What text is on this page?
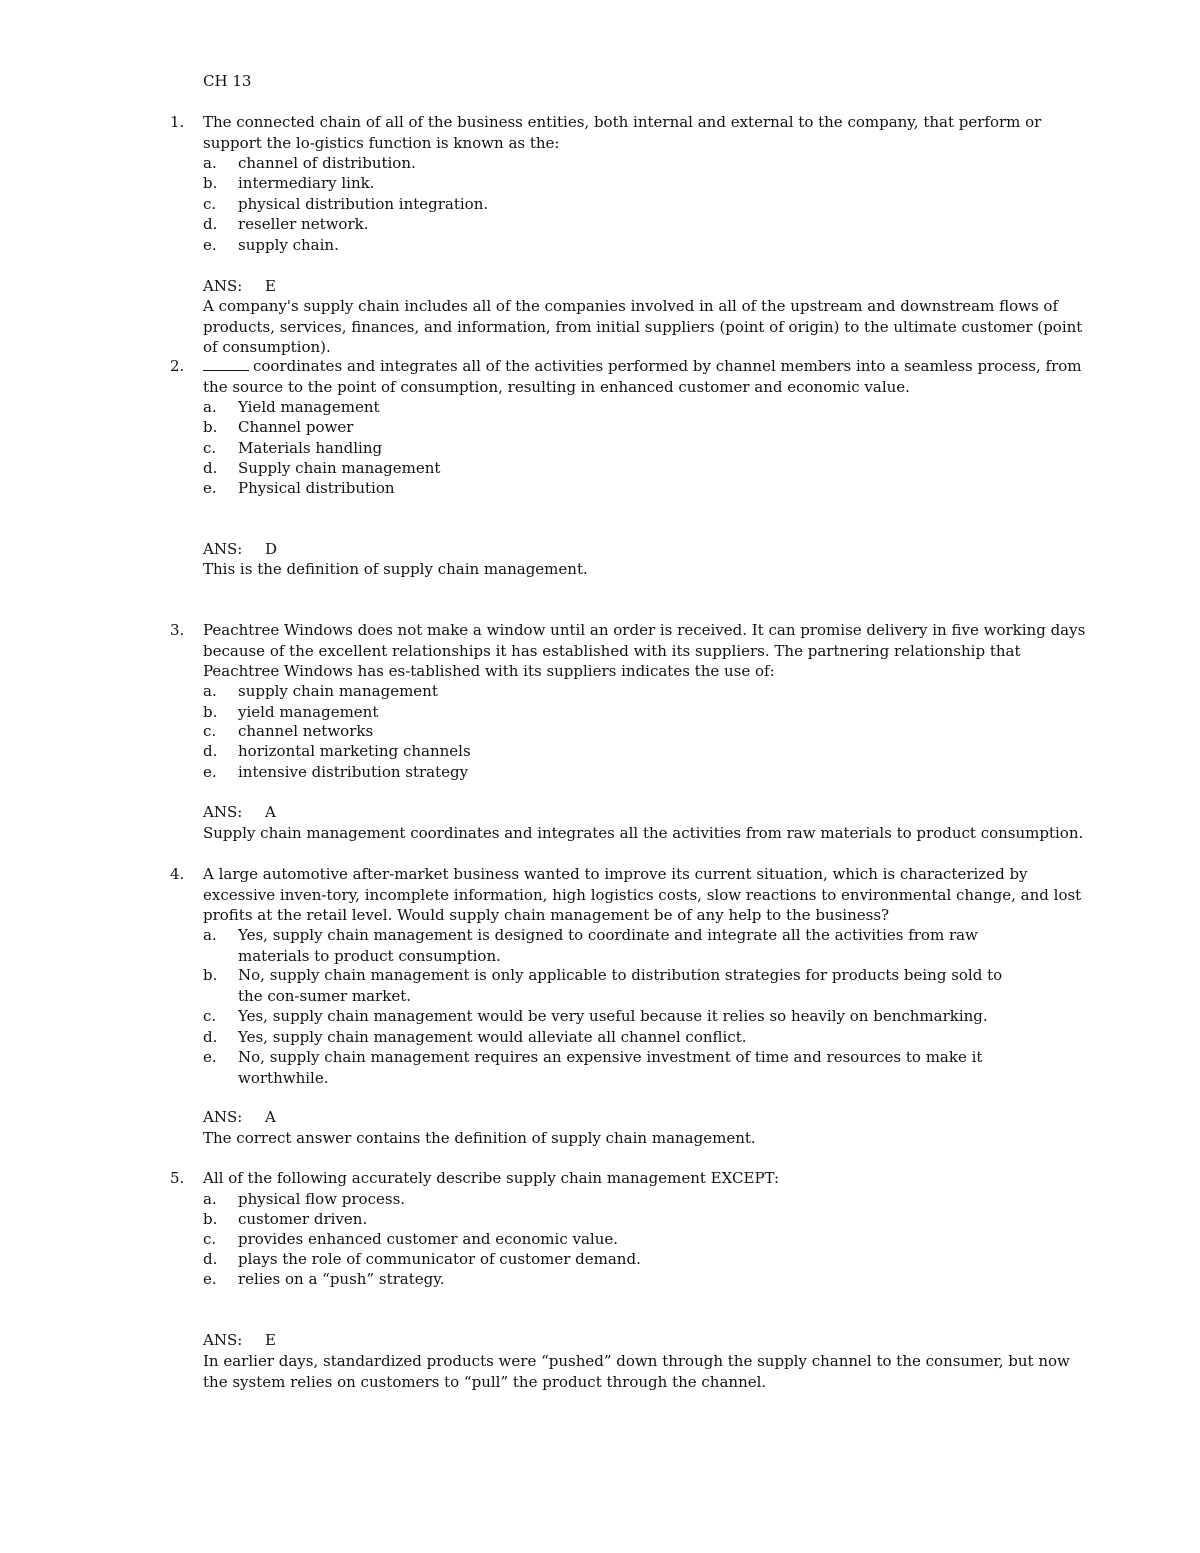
CH 13
1. The connected chain of all of the business entities, both internal and external to the company, that perform or support the lo-gistics function is known as the:
a. channel of distribution.
b. intermediary link.
c. physical distribution integration.
d. reseller network.
e. supply chain.
ANS: E
A company's supply chain includes all of the companies involved in all of the upstream and downstream flows of products, services, finances, and information, from initial suppliers (point of origin) to the ultimate customer (point of consumption).
2.	coordinates and integrates all of the activities performed by channel members into a seamless process, from the source to the point of consumption, resulting in enhanced customer and economic value.
a. Yield management
b. Channel power
c. Materials handling
d. Supply chain management
e. Physical distribution
ANS: D
This is the definition of supply chain management.
3. Peachtree Windows does not make a window until an order is received. It can promise delivery in five working days because of the excellent relationships it has established with its suppliers. The partnering relationship that Peachtree Windows has es-tablished with its suppliers indicates the use of:
a. supply chain management
b. yield management
c. channel networks
d. horizontal marketing channels
e. intensive distribution strategy
ANS: A
Supply chain management coordinates and integrates all the activities from raw materials to product consumption.
4. A large automotive after-market business wanted to improve its current situation, which is characterized by excessive inven-tory, incomplete information, high logistics costs, slow reactions to environmental change, and lost profits at the retail level. Would supply chain management be of any help to the business?
a. Yes, supply chain management is designed to coordinate and integrate all the activities from raw materials to product consumption.
b. No, supply chain management is only applicable to distribution strategies for products being sold to the con-sumer market.
c. Yes, supply chain management would be very useful because it relies so heavily on benchmarking.
d. Yes, supply chain management would alleviate all channel conflict.
e. No, supply chain management requires an expensive investment of time and resources to make it worthwhile.
ANS: A
The correct answer contains the definition of supply chain management.
5. All of the following accurately describe supply chain management EXCEPT:
a. physical flow process.
b. customer driven.
c. provides enhanced customer and economic value.
d. plays the role of communicator of customer demand.
e. relies on a “push” strategy.
ANS: E
In earlier days, standardized products were “pushed” down through the supply channel to the consumer, but now the system relies on customers to “pull” the product through the channel.
